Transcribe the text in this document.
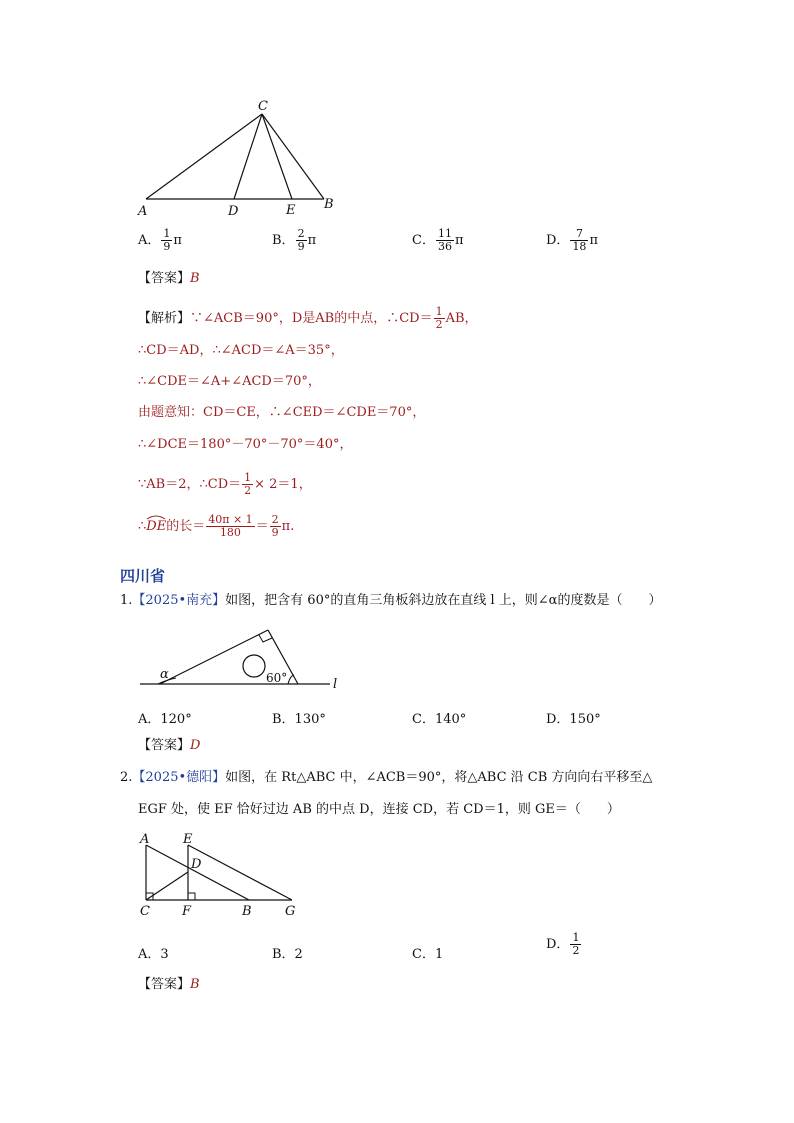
C
A	D	E B
A． $\frac{1}{9}$ π	B． $\frac{2}{9}$ π	C． $\frac{11}{36}$ π	D． $\frac{7}{18}$ π
【答案】B
【解析】∵∠ACB＝90°，D是AB的中点，∴CD＝ $\frac{1}{2}$ AB，
∴CD＝AD，∴∠ACD＝∠A＝35°，
∴∠CDE＝∠A+∠ACD＝70°，
由题意知：CD＝CE，∴∠CED＝∠CDE＝70°，
∴∠DCE＝180°－70°－70°＝40°，
∵AB＝2，∴CD＝ $\frac{1}{2} \times 2=1$，
∴DE
的长＝ $\frac{40\pi \times 1}{180} = \frac{2}{9} \pi$.
四川省
1.【2025•南充】如图，把含有 60°的直角三角板斜边放在直线 l 上，则∠α的度数是（　　）
α	60°	l
A．120°	B．130°	C．140°	D．150°
【答案】D
2.【2025•德阳】如图，在 Rt△ABC 中，∠ACB＝90°，将△ABC 沿 CB 方向向右平移至△
EGF 处，使 EF 恰好过边 AB 的中点 D，连接 CD，若 CD＝1，则 GE＝（　　）
A	E
D
C F	B	G
A．3	B．2	C．1
D． $\frac{1}{2}$
【答案】B
